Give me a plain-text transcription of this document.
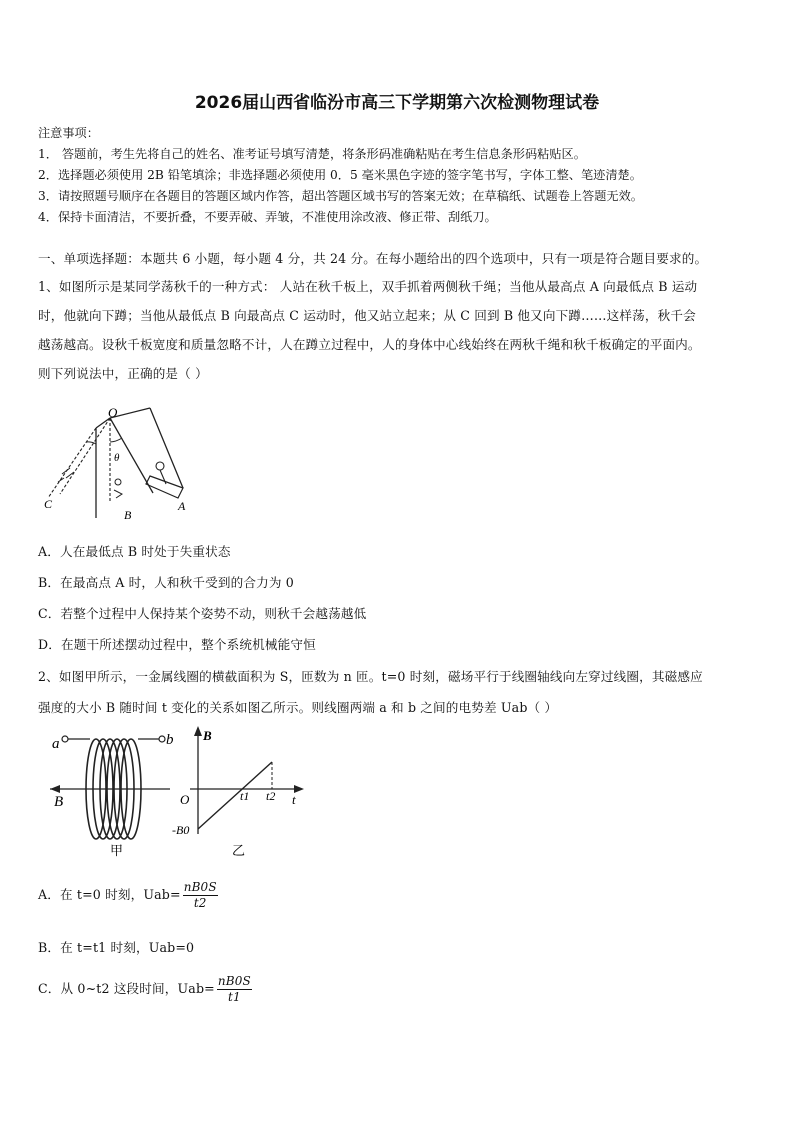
2026届山西省临汾市高三下学期第六次检测物理试卷
注意事项：
1． 答题前，考生先将自己的姓名、准考证号填写清楚，将条形码准确粘贴在考生信息条形码粘贴区。
2．选择题必须使用 2B 铅笔填涂；非选择题必须使用 0．5 毫米黑色字迹的签字笔书写，字体工整、笔迹清楚。
3．请按照题号顺序在各题目的答题区域内作答，超出答题区域书写的答案无效；在草稿纸、试题卷上答题无效。
4．保持卡面清洁，不要折叠，不要弄破、弄皱，不准使用涂改液、修正带、刮纸刀。
一、单项选择题：本题共 6 小题，每小题 4 分，共 24 分。在每小题给出的四个选项中，只有一项是符合题目要求的。
1、如图所示是某同学荡秋千的一种方式： 人站在秋千板上，双手抓着两侧秋千绳；当他从最高点 A 向最低点 B 运动
时，他就向下蹲；当他从最低点 B 向最高点 C 运动时，他又站立起来；从 C 回到 B 他又向下蹲……这样荡，秋千会
越荡越高。设秋千板宽度和质量忽略不计，人在蹲立过程中，人的身体中心线始终在两秋千绳和秋千板确定的平面内。
则下列说法中，正确的是（ ）
O
θ
A
B
C
A．人在最低点 B 时处于失重状态
B．在最高点 A 时，人和秋千受到的合力为 0
C．若整个过程中人保持某个姿势不动，则秋千会越荡越低
D．在题干所述摆动过程中，整个系统机械能守恒
2、如图甲所示，一金属线圈的横截面积为 S，匝数为 n 匝。t=0 时刻，磁场平行于线圈轴线向左穿过线圈，其磁感应
强度的大小 B 随时间 t 变化的关系如图乙所示。则线圈两端 a 和 b 之间的电势差 Uab（ ）
a	b
B
甲
B
O	t1 t2 t
-B0
乙
A．在 t=0 时刻，$Uab= \frac{nB0S}{t2}$
B．在 t=t1 时刻，Uab=0
C．从 0~t2 这段时间，$Uab= \frac{nB0S}{t1}$
